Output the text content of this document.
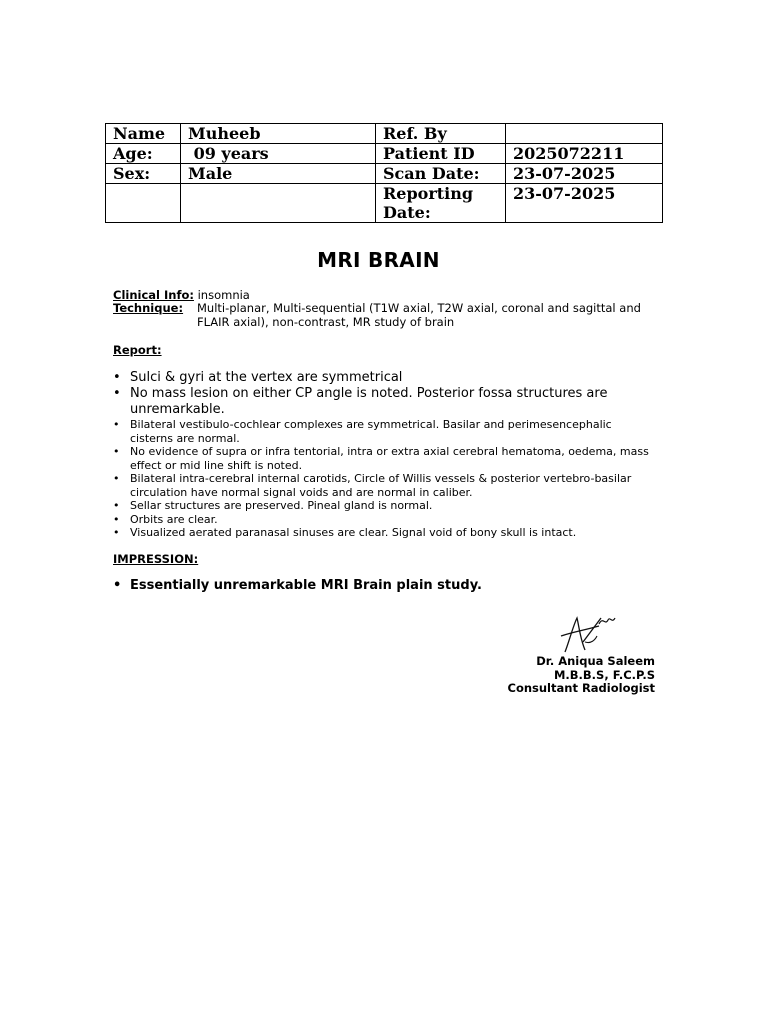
Name	Muheeb	Ref. By	
Age:	09 years	Patient ID	2025072211
Sex:	Male	Scan Date:	23-07-2025
		Reporting Date:	23-07-2025
MRI BRAIN
Clinical Info: insomnia
Technique: Multi-planar, Multi-sequential (T1W axial, T2W axial, coronal and sagittal and FLAIR axial), non-contrast, MR study of brain
Report:
• Sulci & gyri at the vertex are symmetrical
• No mass lesion on either CP angle is noted. Posterior fossa structures are unremarkable.
• Bilateral vestibulo-cochlear complexes are symmetrical. Basilar and perimesencephalic cisterns are normal.
• No evidence of supra or infra tentorial, intra or extra axial cerebral hematoma, oedema, mass effect or mid line shift is noted.
• Bilateral intra-cerebral internal carotids, Circle of Willis vessels & posterior vertebro-basilar circulation have normal signal voids and are normal in caliber.
• Sellar structures are preserved. Pineal gland is normal.
• Orbits are clear.
• Visualized aerated paranasal sinuses are clear. Signal void of bony skull is intact.
IMPRESSION:
• Essentially unremarkable MRI Brain plain study.
Dr. Aniqua Saleem
M.B.B.S, F.C.P.S
Consultant Radiologist
